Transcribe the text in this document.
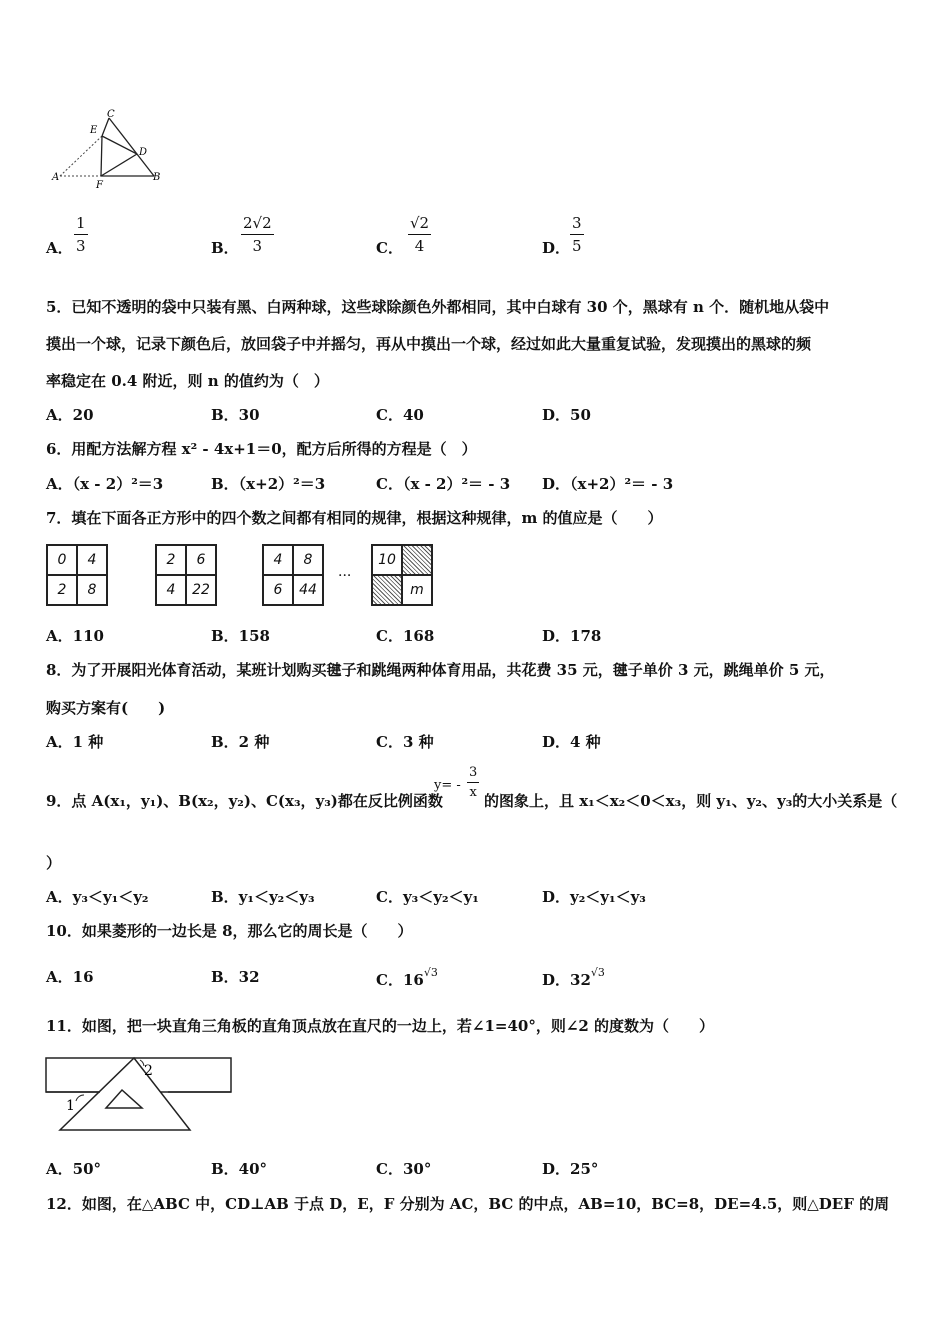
C
E
D
A
F
B
A．
1
3	B．
2√2
3	C．
√2
4	D．
3
5
5．已知不透明的袋中只装有黑、白两种球，这些球除颜色外都相同，其中白球有 30 个，黑球有 n 个．随机地从袋中
摸出一个球，记录下颜色后，放回袋子中并摇匀，再从中摸出一个球，经过如此大量重复试验，发现摸出的黑球的频
率稳定在 0.4 附近，则 n 的值约为（　）
A．20	B．30	C．40	D．50
6．用配方法解方程 x² - 4x+1＝0，配方后所得的方程是（　）
A．（x - 2）²＝3	B．（x+2）²＝3	C．（x - 2）²＝ - 3 D．（x+2）²＝ - 3
7．填在下面各正方形中的四个数之间都有相同的规律，根据这种规律，m 的值应是（　　）
0	4
2	8
2	6
4	22
4	8
6	44
···
10
m
A．110	B．158	C．168	D．178
8．为了开展阳光体育活动，某班计划购买毽子和跳绳两种体育用品，共花费 35 元，毽子单价 3 元，跳绳单价 5 元，
购买方案有(　　)
A．1 种	B．2 种	C．3 种	D．4 种
9．点 A(x₁，y₁)、B(x₂，y₂)、C(x₃，y₃)都在反比例函数
y= -
3
x 的图象上，且 x₁＜x₂＜0＜x₃，则 y₁、y₂、y₃的大小关系是（
）
A．y₃＜y₁＜y₂	B．y₁＜y₂＜y₃	C．y₃＜y₂＜y₁	D．y₂＜y₁＜y₃
10．如果菱形的一边长是 8，那么它的周长是（　　）
A．16	B．32	C．$16^{√3}$	D．$32^{√3}$
11．如图，把一块直角三角板的直角顶点放在直尺的一边上，若∠1=40°，则∠2 的度数为（　　）
1
2
A．50°	B．40°	C．30°	D．25°
12．如图，在△ABC 中，CD⊥AB 于点 D，E，F 分别为 AC，BC 的中点，AB=10，BC=8，DE=4.5，则△DEF 的周
